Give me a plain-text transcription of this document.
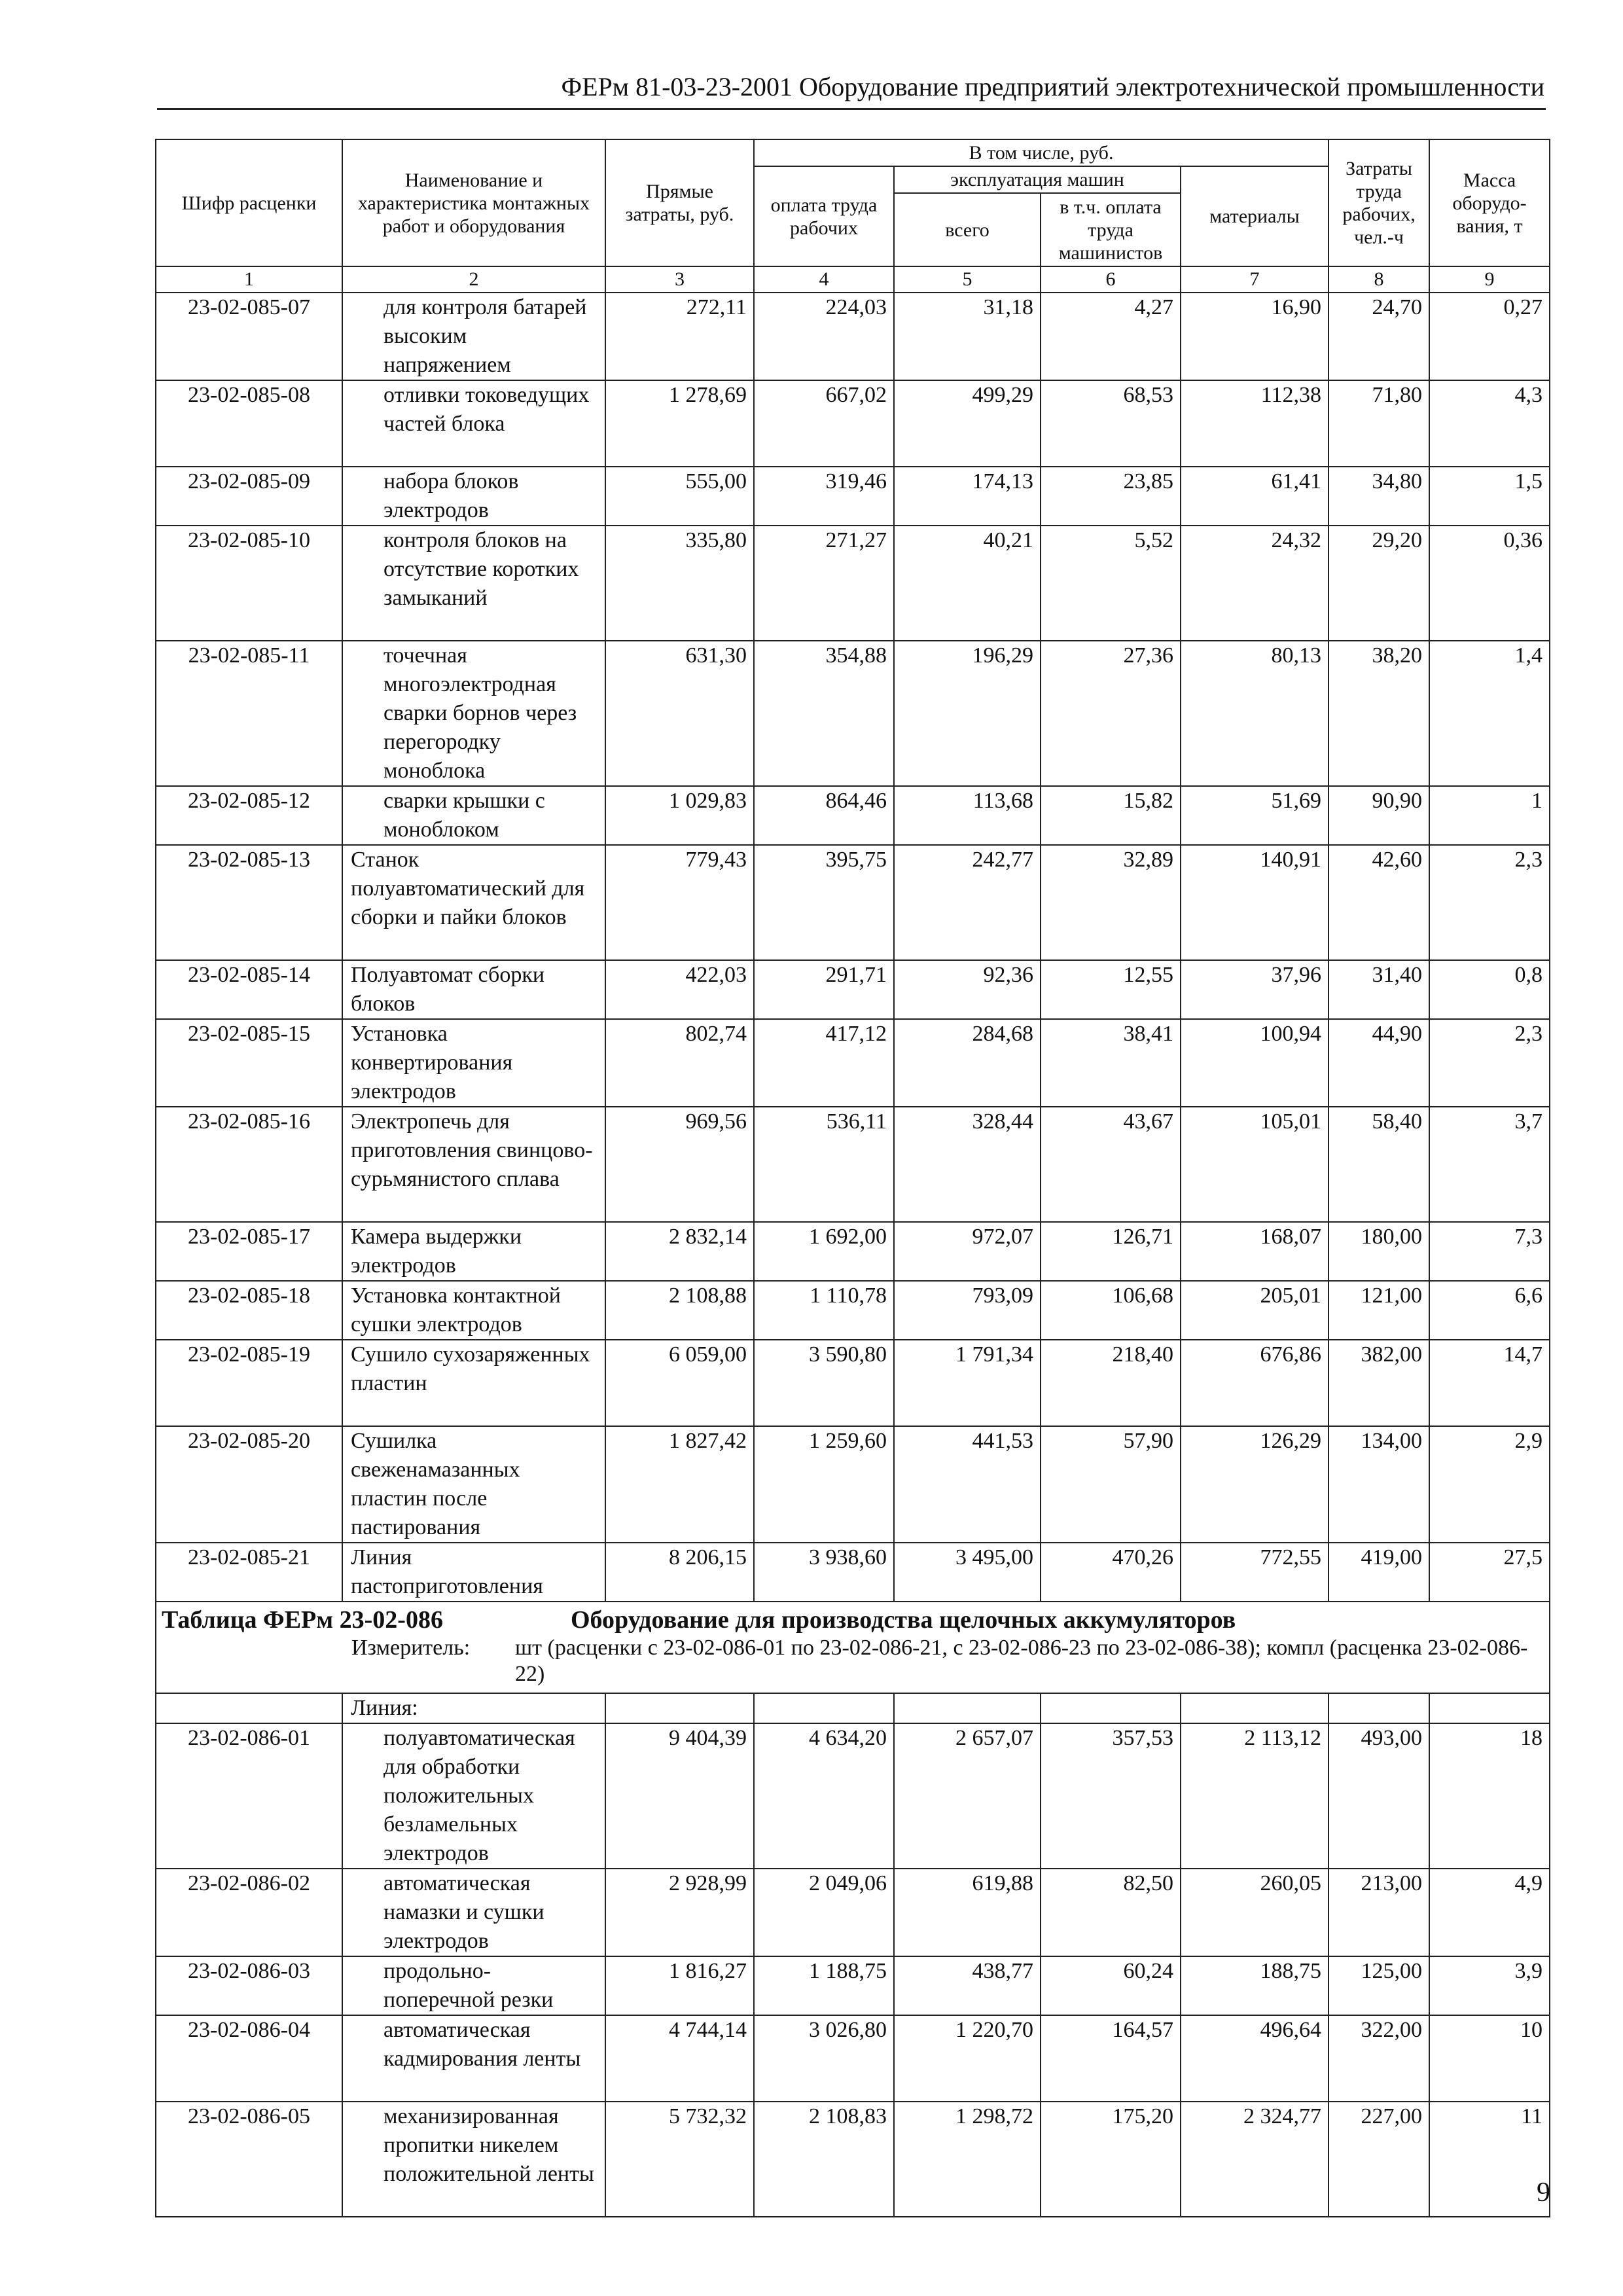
ФЕРм 81-03-23-2001 Оборудование предприятий электротехнической промышленности
Шифр расценки	Наименование и характеристика монтажных работ и оборудования	Прямые затраты, руб.	В том числе, руб.				Затраты труда рабочих, чел.-ч	Масса оборудо-вания, т
			оплата труда рабочих	эксплуатация машин		материалы		
				всего	в т.ч. оплата труда машинистов			
1	2	3	4	5	6	7	8	9
23-02-085-07	для контроля батарей высоким напряжением	272,11	224,03	31,18	4,27	16,90	24,70	0,27
23-02-085-08	отливки токоведущих частей блока	1 278,69	667,02	499,29	68,53	112,38	71,80	4,3
23-02-085-09	набора блоков электродов	555,00	319,46	174,13	23,85	61,41	34,80	1,5
23-02-085-10	контроля блоков на отсутствие коротких замыканий	335,80	271,27	40,21	5,52	24,32	29,20	0,36
23-02-085-11	точечная многоэлектродная сварки борнов через перегородку моноблока	631,30	354,88	196,29	27,36	80,13	38,20	1,4
23-02-085-12	сварки крышки с моноблоком	1 029,83	864,46	113,68	15,82	51,69	90,90	1
23-02-085-13	Станок полуавтоматический для сборки и пайки блоков	779,43	395,75	242,77	32,89	140,91	42,60	2,3
23-02-085-14	Полуавтомат сборки блоков	422,03	291,71	92,36	12,55	37,96	31,40	0,8
23-02-085-15	Установка конвертирования электродов	802,74	417,12	284,68	38,41	100,94	44,90	2,3
23-02-085-16	Электропечь для приготовления свинцово-сурьмянистого сплава	969,56	536,11	328,44	43,67	105,01	58,40	3,7
23-02-085-17	Камера выдержки электродов	2 832,14	1 692,00	972,07	126,71	168,07	180,00	7,3
23-02-085-18	Установка контактной сушки электродов	2 108,88	1 110,78	793,09	106,68	205,01	121,00	6,6
23-02-085-19	Сушило сухозаряженных пластин	6 059,00	3 590,80	1 791,34	218,40	676,86	382,00	14,7
23-02-085-20	Сушилка свеженамазанных пластин после пастирования	1 827,42	1 259,60	441,53	57,90	126,29	134,00	2,9
23-02-085-21	Линия пастоприготовления	8 206,15	3 938,60	3 495,00	470,26	772,55	419,00	27,5

Таблица ФЕРм 23-02-086 Оборудование для производства щелочных аккумуляторов
Измеритель: шт (расценки с 23-02-086-01 по 23-02-086-21, с 23-02-086-23 по 23-02-086-38); компл (расценка 23-02-086-22)								

	Линия:							
23-02-086-01	полуавтоматическая для обработки положительных безламельных электродов	9 404,39	4 634,20	2 657,07	357,53	2 113,12	493,00	18
23-02-086-02	автоматическая намазки и сушки электродов	2 928,99	2 049,06	619,88	82,50	260,05	213,00	4,9
23-02-086-03	продольно-поперечной резки	1 816,27	1 188,75	438,77	60,24	188,75	125,00	3,9
23-02-086-04	автоматическая кадмирования ленты	4 744,14	3 026,80	1 220,70	164,57	496,64	322,00	10
23-02-086-05	механизированная пропитки никелем положительной ленты	5 732,32	2 108,83	1 298,72	175,20	2 324,77	227,00	11
9
